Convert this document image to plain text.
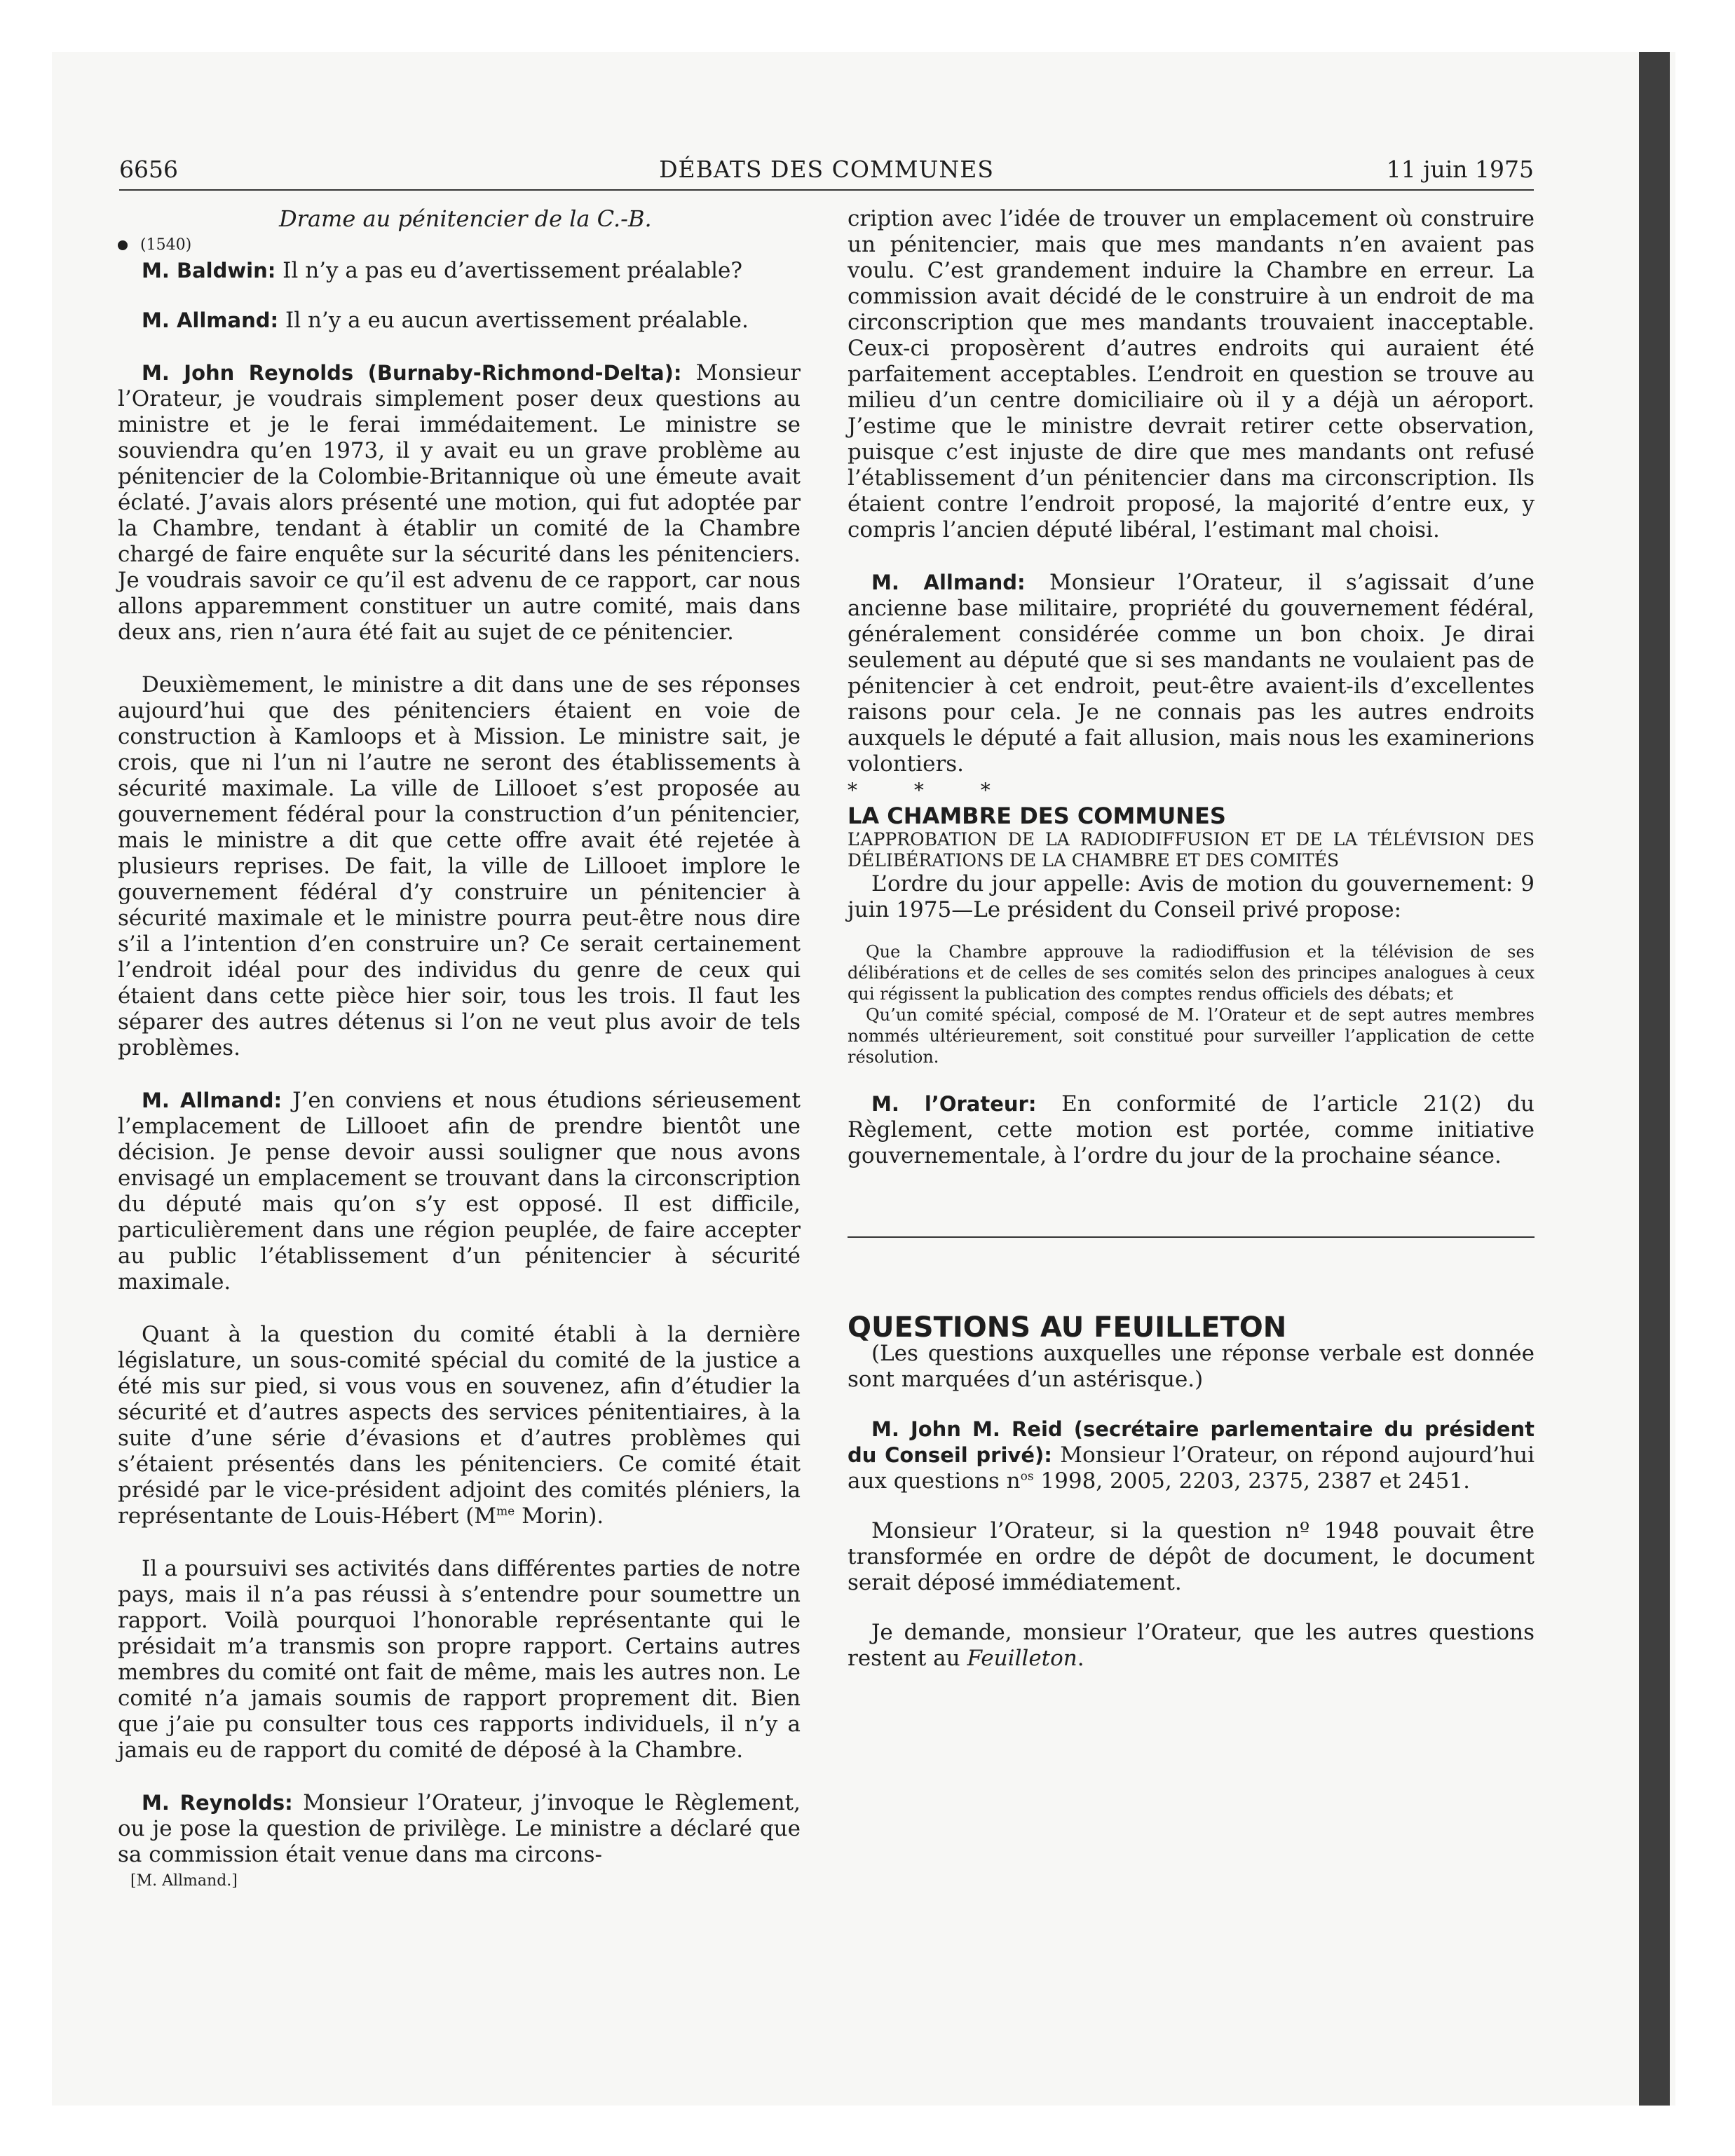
6656	DÉBATS DES COMMUNES	11 juin 1975

Drame au pénitencier de la C.-B.

(1540)

M. Baldwin: Il n’y a pas eu d’avertissement préalable?

M. Allmand: Il n’y a eu aucun avertissement préalable.

M. John Reynolds (Burnaby-Richmond-Delta): Monsieur l’Orateur, je voudrais simplement poser deux questions au ministre et je le ferai immédaitement. Le ministre se souviendra qu’en 1973, il y avait eu un grave problème au pénitencier de la Colombie-Britannique où une émeute avait éclaté. J’avais alors présenté une motion, qui fut adoptée par la Chambre, tendant à établir un comité de la Chambre chargé de faire enquête sur la sécurité dans les pénitenciers. Je voudrais savoir ce qu’il est advenu de ce rapport, car nous allons apparemment constituer un autre comité, mais dans deux ans, rien n’aura été fait au sujet de ce pénitencier.

Deuxièmement, le ministre a dit dans une de ses réponses aujourd’hui que des pénitenciers étaient en voie de construction à Kamloops et à Mission. Le ministre sait, je crois, que ni l’un ni l’autre ne seront des établissements à sécurité maximale. La ville de Lillooet s’est proposée au gouvernement fédéral pour la construction d’un pénitencier, mais le ministre a dit que cette offre avait été rejetée à plusieurs reprises. De fait, la ville de Lillooet implore le gouvernement fédéral d’y construire un pénitencier à sécurité maximale et le ministre pourra peut-être nous dire s’il a l’intention d’en construire un? Ce serait certainement l’endroit idéal pour des individus du genre de ceux qui étaient dans cette pièce hier soir, tous les trois. Il faut les séparer des autres détenus si l’on ne veut plus avoir de tels problèmes.

M. Allmand: J’en conviens et nous étudions sérieusement l’emplacement de Lillooet afin de prendre bientôt une décision. Je pense devoir aussi souligner que nous avons envisagé un emplacement se trouvant dans la circonscription du député mais qu’on s’y est opposé. Il est difficile, particulièrement dans une région peuplée, de faire accepter au public l’établissement d’un pénitencier à sécurité maximale.

Quant à la question du comité établi à la dernière législature, un sous-comité spécial du comité de la justice a été mis sur pied, si vous vous en souvenez, afin d’étudier la sécurité et d’autres aspects des services pénitentiaires, à la suite d’une série d’évasions et d’autres problèmes qui s’étaient présentés dans les pénitenciers. Ce comité était présidé par le vice-président adjoint des comités pléniers, la représentante de Louis-Hébert ($M^{me}$ Morin).

Il a poursuivi ses activités dans différentes parties de notre pays, mais il n’a pas réussi à s’entendre pour soumettre un rapport. Voilà pourquoi l’honorable représentante qui le présidait m’a transmis son propre rapport. Certains autres membres du comité ont fait de même, mais les autres non. Le comité n’a jamais soumis de rapport proprement dit. Bien que j’aie pu consulter tous ces rapports individuels, il n’y a jamais eu de rapport du comité de déposé à la Chambre.

M. Reynolds: Monsieur l’Orateur, j’invoque le Règlement, ou je pose la question de privilège. Le ministre a déclaré que sa commission était venue dans ma circons-

[M. Allmand.]

cription avec l’idée de trouver un emplacement où construire un pénitencier, mais que mes mandants n’en avaient pas voulu. C’est grandement induire la Chambre en erreur. La commission avait décidé de le construire à un endroit de ma circonscription que mes mandants trouvaient inacceptable. Ceux-ci proposèrent d’autres endroits qui auraient été parfaitement acceptables. L’endroit en question se trouve au milieu d’un centre domiciliaire où il y a déjà un aéroport. J’estime que le ministre devrait retirer cette observation, puisque c’est injuste de dire que mes mandants ont refusé l’établissement d’un pénitencier dans ma circonscription. Ils étaient contre l’endroit proposé, la majorité d’entre eux, y compris l’ancien député libéral, l’estimant mal choisi.

M. Allmand: Monsieur l’Orateur, il s’agissait d’une ancienne base militaire, propriété du gouvernement fédéral, généralement considérée comme un bon choix. Je dirai seulement au député que si ses mandants ne voulaient pas de pénitencier à cet endroit, peut-être avaient-ils d’excellentes raisons pour cela. Je ne connais pas les autres endroits auxquels le député a fait allusion, mais nous les examinerions volontiers.

* * *

LA CHAMBRE DES COMMUNES

L’APPROBATION DE LA RADIODIFFUSION ET DE LA TÉLÉVISION DES DÉLIBÉRATIONS DE LA CHAMBRE ET DES COMITÉS

L’ordre du jour appelle: Avis de motion du gouvernement: 9 juin 1975—Le président du Conseil privé propose:

Que la Chambre approuve la radiodiffusion et la télévision de ses délibérations et de celles de ses comités selon des principes analogues à ceux qui régissent la publication des comptes rendus officiels des débats; et

Qu’un comité spécial, composé de M. l’Orateur et de sept autres membres nommés ultérieurement, soit constitué pour surveiller l’application de cette résolution.

M. l’Orateur: En conformité de l’article 21(2) du Règlement, cette motion est portée, comme initiative gouvernementale, à l’ordre du jour de la prochaine séance.

QUESTIONS AU FEUILLETON

(Les questions auxquelles une réponse verbale est donnée sont marquées d’un astérisque.)

M. John M. Reid (secrétaire parlementaire du président du Conseil privé): Monsieur l’Orateur, on répond aujourd’hui aux questions $n^{os}$ 1998, 2005, 2203, 2375, 2387 et 2451.

Monsieur l’Orateur, si la question nº 1948 pouvait être transformée en ordre de dépôt de document, le document serait déposé immédiatement.

Je demande, monsieur l’Orateur, que les autres questions restent au Feuilleton.
